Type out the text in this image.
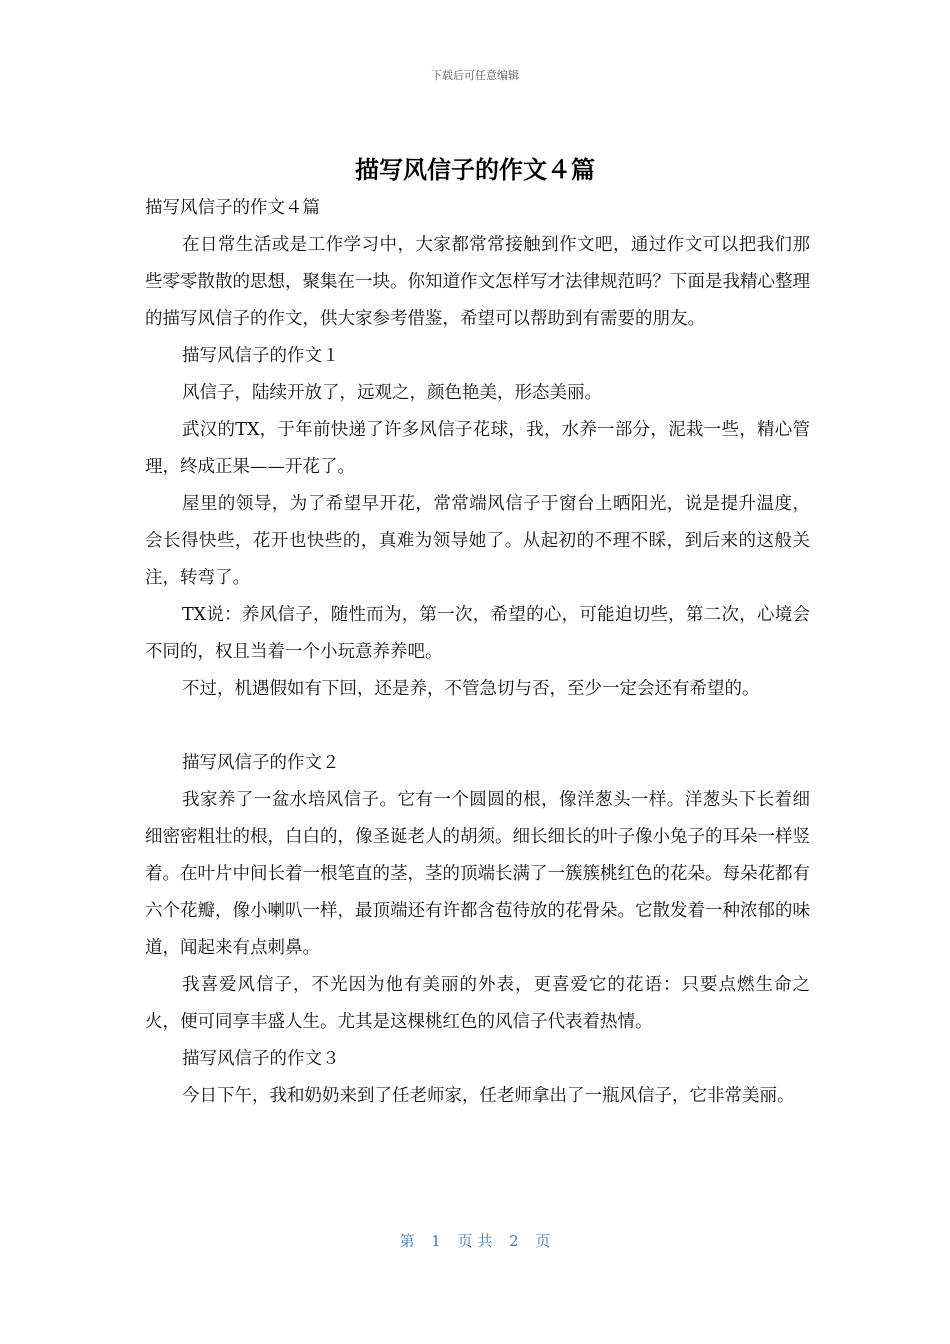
下载后可任意编辑
描写风信子的作文４篇

描写风信子的作文４篇

在日常生活或是工作学习中，大家都常常接触到作文吧，通过作文可以把我们那些零零散散的思想，聚集在一块。你知道作文怎样写才法律规范吗？下面是我精心整理的描写风信子的作文，供大家参考借鉴，希望可以帮助到有需要的朋友。

描写风信子的作文１

风信子，陆续开放了，远观之，颜色艳美，形态美丽。

武汉的TX，于年前快递了许多风信子花球，我，水养一部分，泥栽一些，精心管理，终成正果——开花了。

屋里的领导，为了希望早开花，常常端风信子于窗台上晒阳光，说是提升温度，会长得快些，花开也快些的，真难为领导她了。从起初的不理不睬，到后来的这般关注，转弯了。

TX说：养风信子，随性而为，第一次，希望的心，可能迫切些，第二次，心境会不同的，权且当着一个小玩意养养吧。

不过，机遇假如有下回，还是养，不管急切与否，至少一定会还有希望的。

描写风信子的作文２

我家养了一盆水培风信子。它有一个圆圆的根，像洋葱头一样。洋葱头下长着细细密密粗壮的根，白白的，像圣诞老人的胡须。细长细长的叶子像小兔子的耳朵一样竖着。在叶片中间长着一根笔直的茎，茎的顶端长满了一簇簇桃红色的花朵。每朵花都有六个花瓣，像小喇叭一样，最顶端还有许都含苞待放的花骨朵。它散发着一种浓郁的味道，闻起来有点刺鼻。

我喜爱风信子，不光因为他有美丽的外表，更喜爱它的花语：只要点燃生命之火，便可同享丰盛人生。尤其是这棵桃红色的风信子代表着热情。

描写风信子的作文３

今日下午，我和奶奶来到了任老师家，任老师拿出了一瓶风信子，它非常美丽。

第 1 页 共 2 页
